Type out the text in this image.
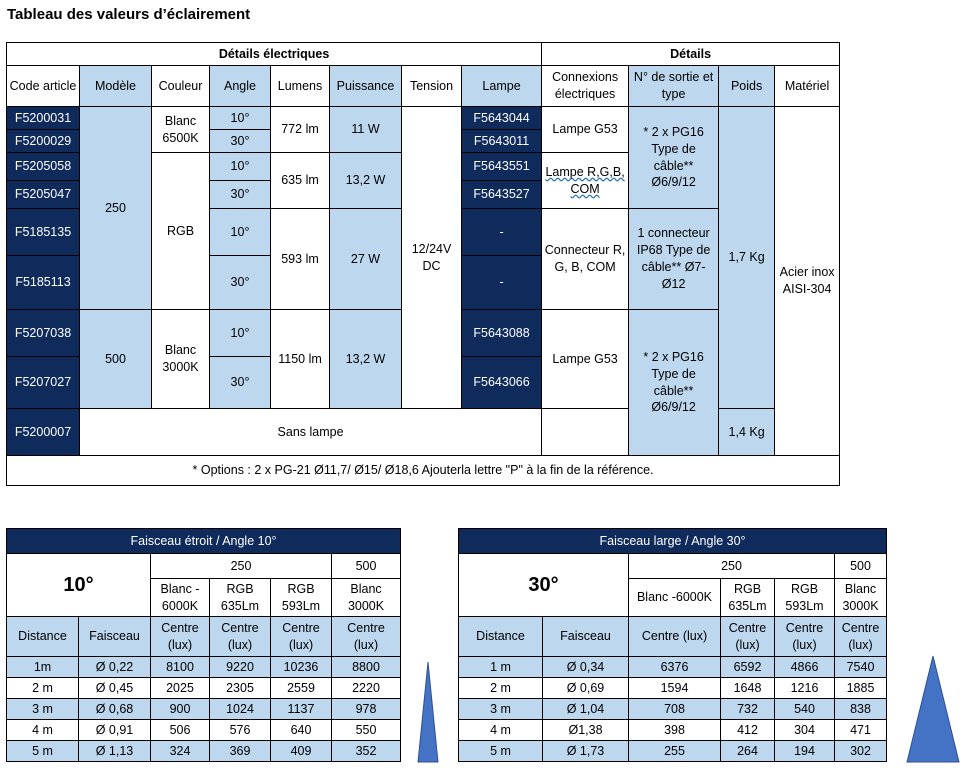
Tableau des valeurs d’éclairement
Détails électriques								Détails			
Code article	Modèle	Couleur	Angle	Lumens	Puissance	Tension	Lampe	Connexions électriques	N° de sortie et type	Poids	Matériel
F5200031	250	Blanc 6500K	10°	772 lm	11 W	12/24V DC	F5643044	Lampe G53	* 2 x PG16 Type de câble** Ø6/9/12	1,7 Kg	Acier inox AISI-304
F5200029			30°				F5643011				
F5205058		RGB	10°	635 lm	13,2 W		F5643551	Lampe R,G,B, COM			
F5205047			30°				F5643527				
F5185135			10°	593 lm	27 W		-	Connecteur R, G, B, COM	1 connecteur IP68 Type de câble** Ø7-Ø12		
F5185113			30°				-				
F5207038	500	Blanc 3000K	10°	1150 lm	13,2 W		F5643088	Lampe G53	* 2 x PG16 Type de câble** Ø6/9/12		
F5207027			30°				F5643066				
F5200007	Sans lampe									1,4 Kg	
* Options : 2 x PG-21 Ø11,7/ Ø15/ Ø18,6 Ajouterla lettre "P" à la fin de la référence.											
Faisceau étroit / Angle 10°					
10°		250			500
		Blanc - 6000K	RGB 635Lm	RGB 593Lm	Blanc 3000K
Distance	Faisceau	Centre (lux)	Centre (lux)	Centre (lux)	Centre (lux)
1m	Ø 0,22	8100	9220	10236	8800
2 m	Ø 0,45	2025	2305	2559	2220
3 m	Ø 0,68	900	1024	1137	978
4 m	Ø 0,91	506	576	640	550
5 m	Ø 1,13	324	369	409	352
Faisceau large / Angle 30°					
30°		250			500
		Blanc -6000K	RGB 635Lm	RGB 593Lm	Blanc 3000K
Distance	Faisceau	Centre (lux)	Centre (lux)	Centre (lux)	Centre (lux)
1 m	Ø 0,34	6376	6592	4866	7540
2 m	Ø 0,69	1594	1648	1216	1885
3 m	Ø 1,04	708	732	540	838
4 m	Ø1,38	398	412	304	471
5 m	Ø 1,73	255	264	194	302
